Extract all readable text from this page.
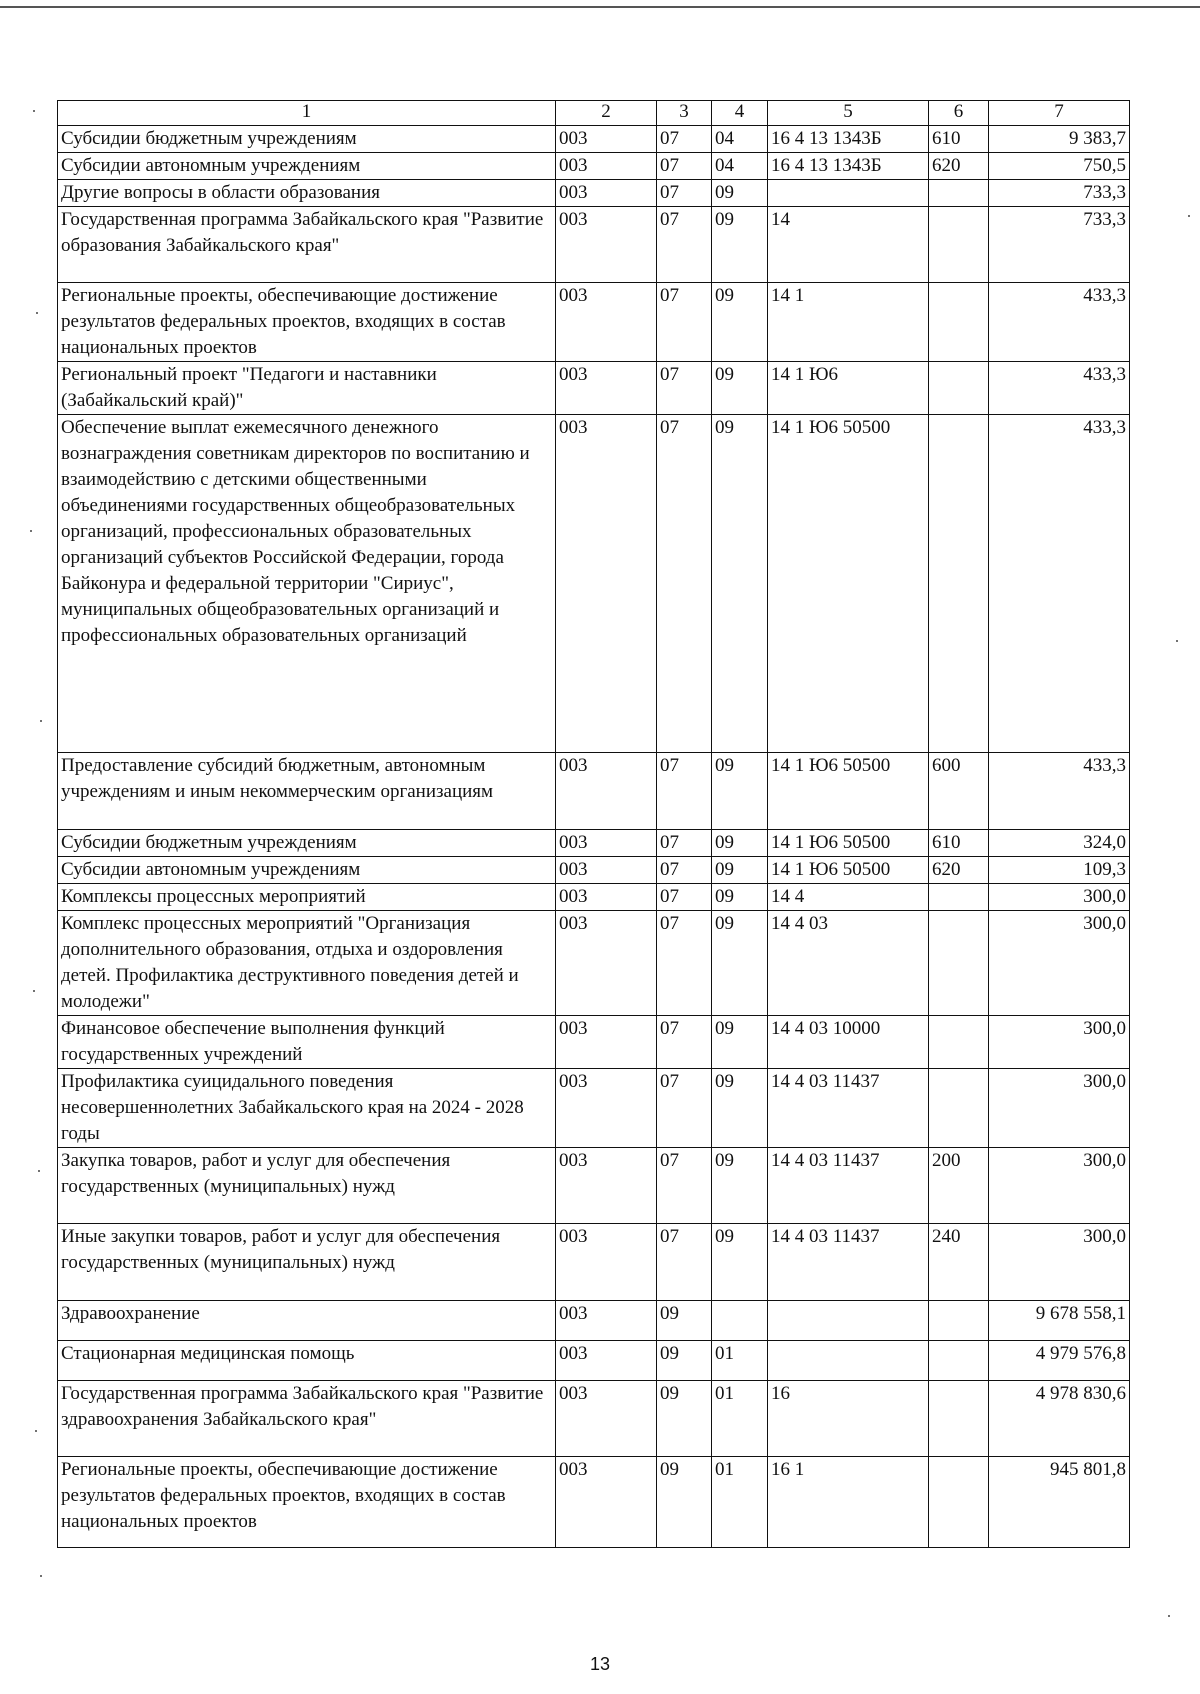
1	2	3	4	5	6	7
Субсидии бюджетным учреждениям	003	07	04	16 4 13 1343Б	610	9 383,7
Субсидии автономным учреждениям	003	07	04	16 4 13 1343Б	620	750,5
Другие вопросы в области образования	003	07	09			733,3
Государственная программа Забайкальского края "Развитие образования Забайкальского края"	003	07	09	14		733,3
Региональные проекты, обеспечивающие достижение результатов федеральных проектов, входящих в состав национальных проектов	003	07	09	14 1		433,3
Региональный проект "Педагоги и наставники (Забайкальский край)"	003	07	09	14 1 Ю6		433,3
Обеспечение выплат ежемесячного денежного вознаграждения советникам директоров по воспитанию и взаимодействию с детскими общественными объединениями государственных общеобразовательных организаций, профессиональных образовательных организаций субъектов Российской Федерации, города Байконура и федеральной территории "Сириус", муниципальных общеобразовательных организаций и профессиональных образовательных организаций	003	07	09	14 1 Ю6 50500		433,3
Предоставление субсидий бюджетным, автономным учреждениям и иным некоммерческим организациям	003	07	09	14 1 Ю6 50500	600	433,3
Субсидии бюджетным учреждениям	003	07	09	14 1 Ю6 50500	610	324,0
Субсидии автономным учреждениям	003	07	09	14 1 Ю6 50500	620	109,3
Комплексы процессных мероприятий	003	07	09	14 4		300,0
Комплекс процессных мероприятий "Организация дополнительного образования, отдыха и оздоровления детей. Профилактика деструктивного поведения детей и молодежи"	003	07	09	14 4 03		300,0
Финансовое обеспечение выполнения функций государственных учреждений	003	07	09	14 4 03 10000		300,0
Профилактика суицидального поведения несовершеннолетних Забайкальского края на 2024 - 2028 годы	003	07	09	14 4 03 11437		300,0
Закупка товаров, работ и услуг для обеспечения государственных (муниципальных) нужд	003	07	09	14 4 03 11437	200	300,0
Иные закупки товаров, работ и услуг для обеспечения государственных (муниципальных) нужд	003	07	09	14 4 03 11437	240	300,0
Здравоохранение	003	09				9 678 558,1
Стационарная медицинская помощь	003	09	01			4 979 576,8
Государственная программа Забайкальского края "Развитие здравоохранения Забайкальского края"	003	09	01	16		4 978 830,6
Региональные проекты, обеспечивающие достижение результатов федеральных проектов, входящих в состав национальных проектов	003	09	01	16 1		945 801,8
13
